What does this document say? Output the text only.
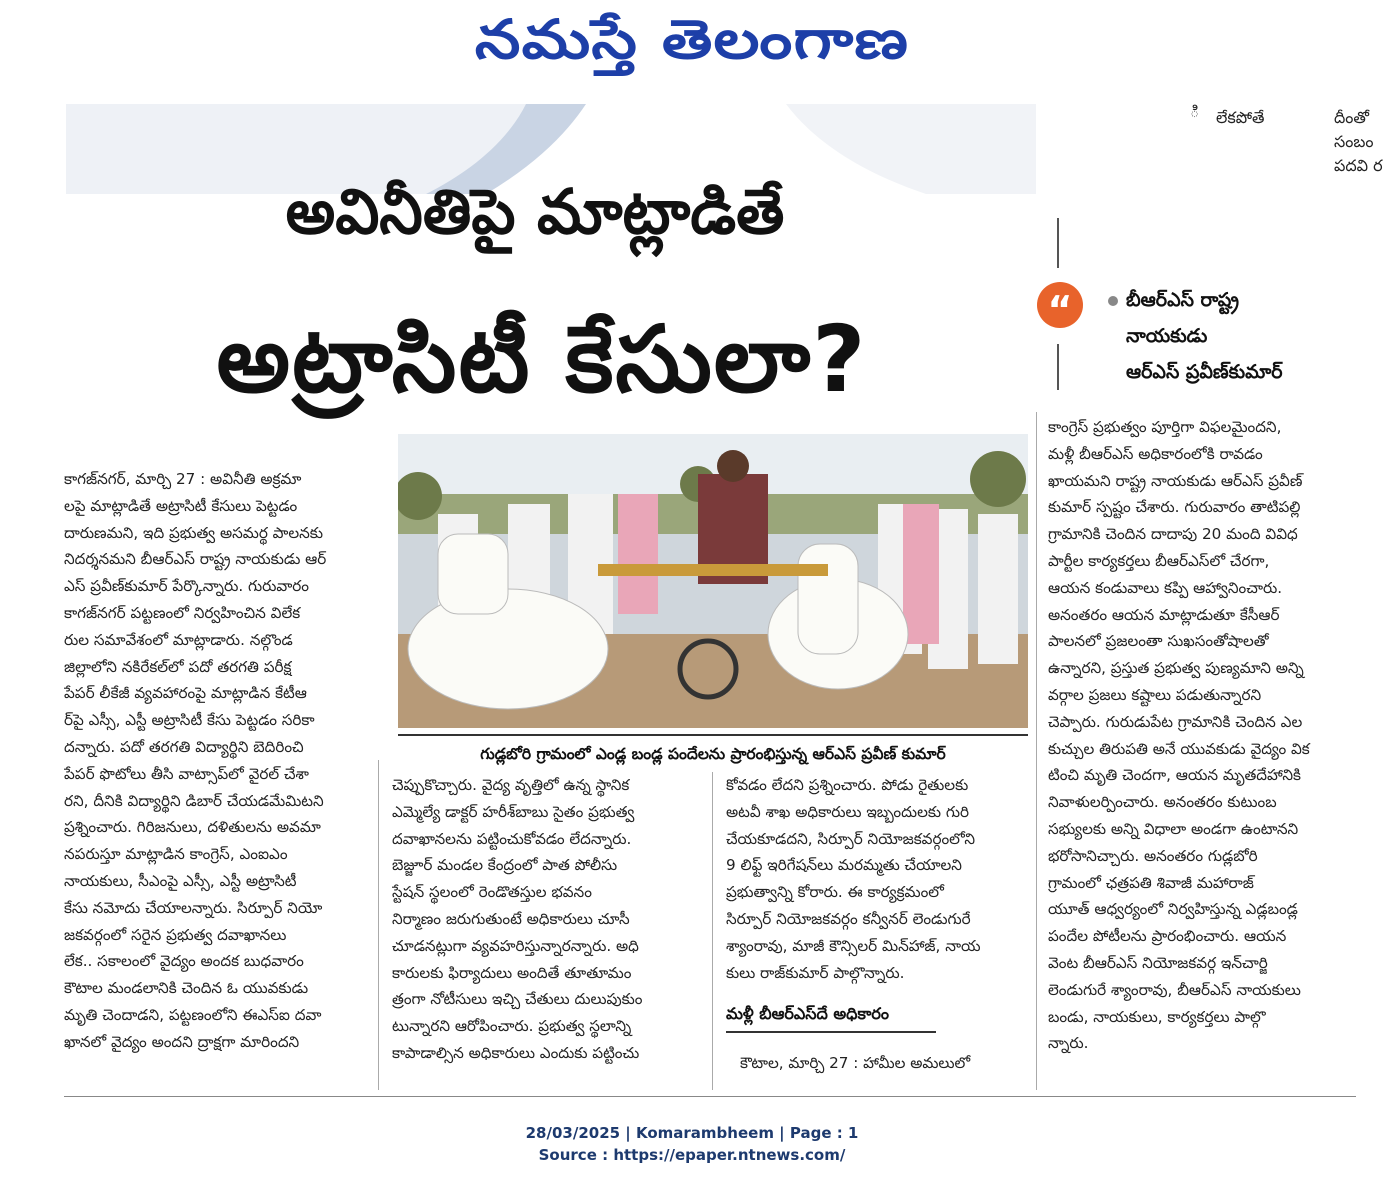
నమస్తే తెలంగాణ
ి లేకపోతే	దీంతో
సంబం
పదవి ర
అవినీతిపై మాట్లాడితే
అట్రాసిటీ కేసులా?	“	బీఆర్ఎస్ రాష్ట్ర
నాయకుడు
ఆర్ఎస్ ప్రవీణ్‌కుమార్
గుడ్లబోరి గ్రామంలో ఎండ్ల బండ్ల పందేలను ప్రారంభిస్తున్న ఆర్ఎస్ ప్రవీణ్ కుమార్
కాగజ్‌నగర్, మార్చి 27 : అవినీతి అక్రమా
లపై మాట్లాడితే అట్రాసిటీ కేసులు పెట్టడం
దారుణమని, ఇది ప్రభుత్వ అసమర్థ పాలనకు
నిదర్శనమని బీఆర్ఎస్ రాష్ట్ర నాయకుడు ఆర్
ఎస్ ప్రవీణ్‌కుమార్ పేర్కొన్నారు. గురువారం
కాగజ్‌నగర్ పట్టణంలో నిర్వహించిన విలేక
రుల సమావేశంలో మాట్లాడారు. నల్గొండ
జిల్లాలోని నకిరేకల్‌లో పదో తరగతి పరీక్ష
పేపర్ లీకేజీ వ్యవహారంపై మాట్లాడిన కేటీఆ
ర్‌పై ఎస్సీ, ఎస్టీ అట్రాసిటీ కేసు పెట్టడం సరికా
దన్నారు. పదో తరగతి విద్యార్థిని బెదిరించి
పేపర్ ఫొటోలు తీసి వాట్సాప్‌లో వైరల్ చేశా
రని, దీనికి విద్యార్థిని డిబార్ చేయడమేమిటని
ప్రశ్నించారు. గిరిజనులు, దళితులను అవమా
నపరుస్తూ మాట్లాడిన కాంగ్రెస్, ఎంఐఎం
నాయకులు, సీఎంపై ఎస్సీ, ఎస్టీ అట్రాసిటీ
కేసు నమోదు చేయాలన్నారు. సిర్పూర్ నియో
జకవర్గంలో సరైన ప్రభుత్వ దవాఖానలు
లేక.. సకాలంలో వైద్యం అందక బుధవారం
కౌటాల మండలానికి చెందిన ఓ యువకుడు
మృతి చెందాడని, పట్టణంలోని ఈఎస్ఐ దవా
ఖానలో వైద్యం అందని ద్రాక్షగా మారిందని
చెప్పుకొచ్చారు. వైద్య వృత్తిలో ఉన్న స్థానిక
ఎమ్మెల్యే డాక్టర్ హరీశ్‌బాబు సైతం ప్రభుత్వ
దవాఖానలను పట్టించుకోవడం లేదన్నారు.
బెజ్జూర్ మండల కేంద్రంలో పాత పోలీసు
స్టేషన్ స్థలంలో రెండొతస్తుల భవనం
నిర్మాణం జరుగుతుంటే అధికారులు చూసీ
చూడనట్లుగా వ్యవహరిస్తున్నారన్నారు. అధి
కారులకు ఫిర్యాదులు అందితే తూతూమం
త్రంగా నోటీసులు ఇచ్చి చేతులు దులుపుకుం
టున్నారని ఆరోపించారు. ప్రభుత్వ స్థలాన్ని
కాపాడాల్సిన అధికారులు ఎందుకు పట్టించు
కోవడం లేదని ప్రశ్నించారు. పోడు రైతులకు
అటవీ శాఖ అధికారులు ఇబ్బందులకు గురి
చేయకూడదని, సిర్పూర్ నియోజకవర్గంలోని
9 లిఫ్ట్ ఇరిగేషన్‌లు మరమ్మతు చేయాలని
ప్రభుత్వాన్ని కోరారు. ఈ కార్యక్రమంలో
సిర్పూర్ నియోజకవర్గం కన్వీనర్ లెండుగురే
శ్యాంరావు, మాజీ కౌన్సిలర్ మిన్‌హాజ్, నాయ
కులు రాజ్‌కుమార్ పాల్గొన్నారు.
మళ్లీ బీఆర్ఎస్‌దే అధికారం
కౌటాల, మార్చి 27 : హామీల అమలులో
కాంగ్రెస్ ప్రభుత్వం పూర్తిగా విఫలమైందని,
మళ్లీ బీఆర్ఎస్ అధికారంలోకి రావడం
ఖాయమని రాష్ట్ర నాయకుడు ఆర్ఎస్ ప్రవీణ్
కుమార్ స్పష్టం చేశారు. గురువారం తాటిపల్లి
గ్రామానికి చెందిన దాదాపు 20 మంది వివిధ
పార్టీల కార్యకర్తలు బీఆర్ఎస్‌లో చేరగా,
ఆయన కండువాలు కప్పి ఆహ్వానించారు.
అనంతరం ఆయన మాట్లాడుతూ కేసీఆర్
పాలనలో ప్రజలంతా సుఖసంతోషాలతో
ఉన్నారని, ప్రస్తుత ప్రభుత్వ పుణ్యమాని అన్ని
వర్గాల ప్రజలు కష్టాలు పడుతున్నారని
చెప్పారు. గురుడుపేట గ్రామానికి చెందిన ఎల
కుచ్చుల తిరుపతి అనే యువకుడు వైద్యం విక
టించి మృతి చెందగా, ఆయన మృతదేహానికి
నివాళులర్పించారు. అనంతరం కుటుంబ
సభ్యులకు అన్ని విధాలా అండగా ఉంటానని
భరోసానిచ్చారు. అనంతరం గుడ్లబోరి
గ్రామంలో ఛత్రపతి శివాజీ మహారాజ్
యూత్ ఆధ్వర్యంలో నిర్వహిస్తున్న ఎడ్లబండ్ల
పందేల పోటీలను ప్రారంభించారు. ఆయన
వెంట బీఆర్ఎస్ నియోజకవర్గ ఇన్‌చార్జి
లెండుగురే శ్యాంరావు, బీఆర్ఎస్ నాయకులు
బండు, నాయకులు, కార్యకర్తలు పాల్గొ
న్నారు.
28/03/2025 | Komarambheem | Page : 1
Source : https://epaper.ntnews.com/
